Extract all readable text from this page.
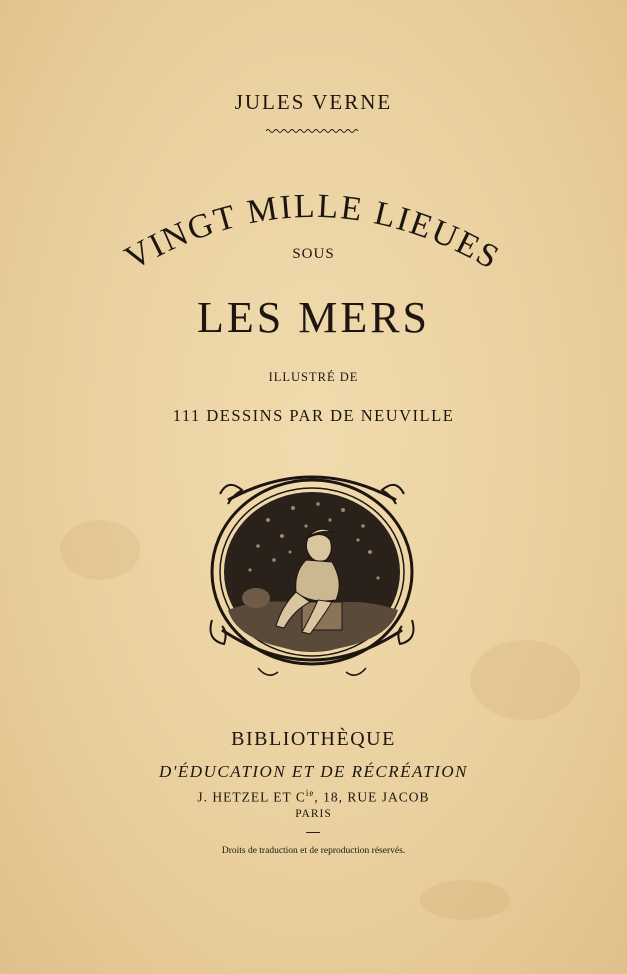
JULES VERNE
VINGT MILLE LIEUES
SOUS
LES MERS
ILLUSTRÉ DE
111 DESSINS PAR DE NEUVILLE
BIBLIOTHÈQUE
D'ÉDUCATION ET DE RÉCRÉATION
J. HETZEL ET $C^{ie}$, 18, RUE JACOB
PARIS
Droits de traduction et de reproduction réservés.
